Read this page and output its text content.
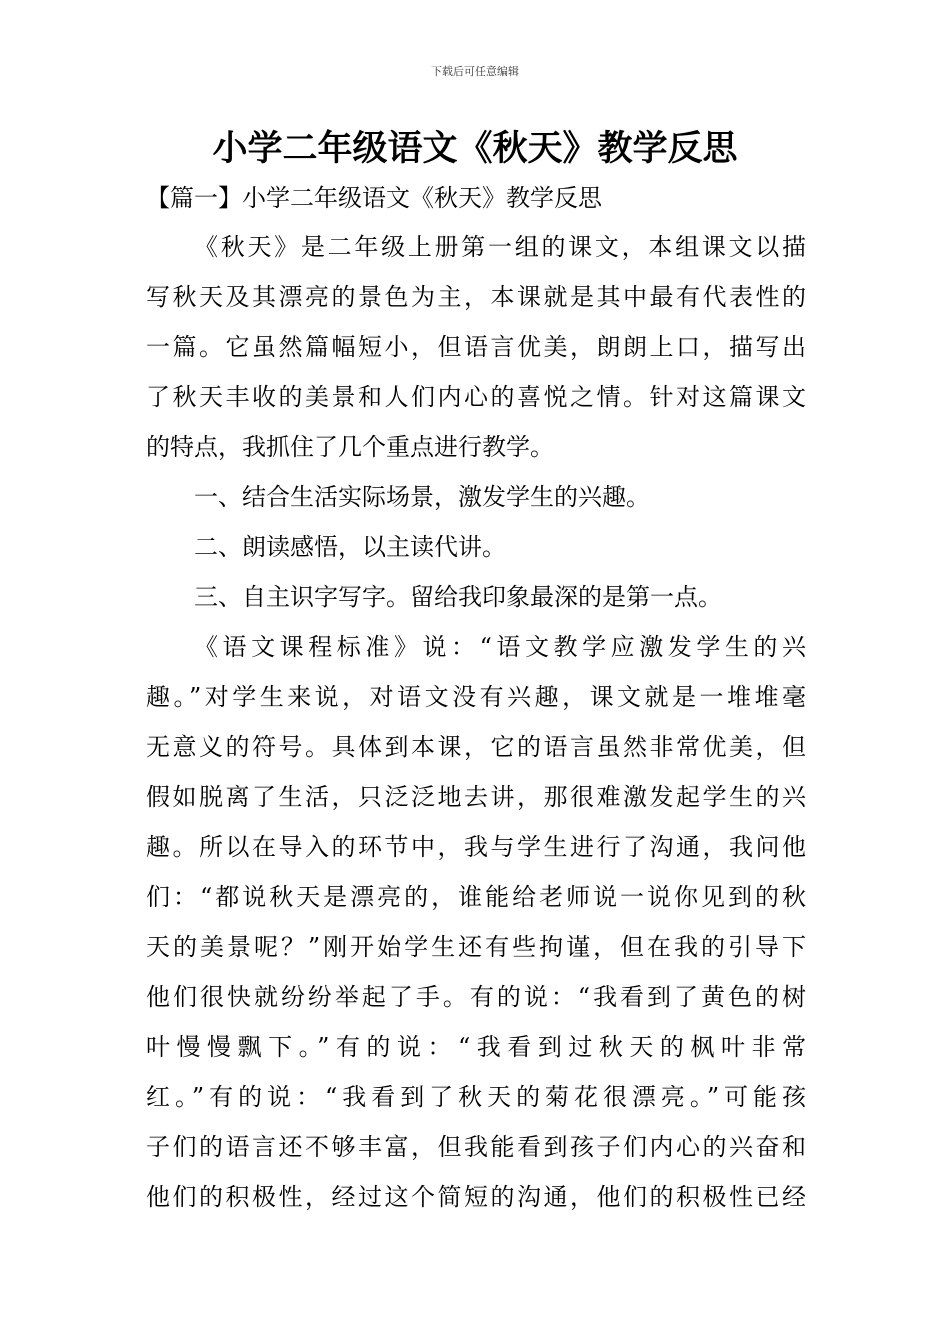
下载后可任意编辑
小学二年级语文《秋天》教学反思
【篇一】小学二年级语文《秋天》教学反思

《秋天》是二年级上册第一组的课文，本组课文以描
写秋天及其漂亮的景色为主，本课就是其中最有代表性的
一篇。它虽然篇幅短小，但语言优美，朗朗上口，描写出
了秋天丰收的美景和人们内心的喜悦之情。针对这篇课文
的特点，我抓住了几个重点进行教学。

一、结合生活实际场景，激发学生的兴趣。

二、朗读感悟，以主读代讲。

三、自主识字写字。留给我印象最深的是第一点。

《语文课程标准》说：“语文教学应激发学生的兴
趣。”对学生来说，对语文没有兴趣，课文就是一堆堆毫
无意义的符号。具体到本课，它的语言虽然非常优美，但
假如脱离了生活，只泛泛地去讲，那很难激发起学生的兴
趣。所以在导入的环节中，我与学生进行了沟通，我问他
们：“都说秋天是漂亮的，谁能给老师说一说你见到的秋
天的美景呢？”刚开始学生还有些拘谨，但在我的引导下
他们很快就纷纷举起了手。有的说：“我看到了黄色的树
叶慢慢飘下。”有的说：“我看到过秋天的枫叶非常
红。”有的说：“我看到了秋天的菊花很漂亮。”可能孩
子们的语言还不够丰富，但我能看到孩子们内心的兴奋和
他们的积极性，经过这个简短的沟通，他们的积极性已经
